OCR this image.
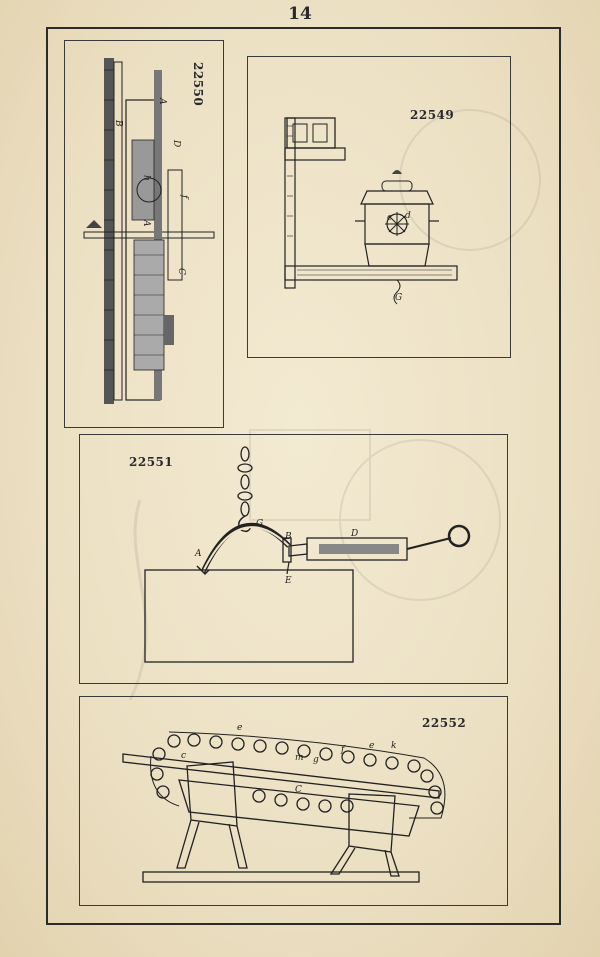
14
22550
B
A
D
f
h
A
C
22549
c d
G
22551
G
B	D
A
E
22552
e
e k
c
f
m g
C
